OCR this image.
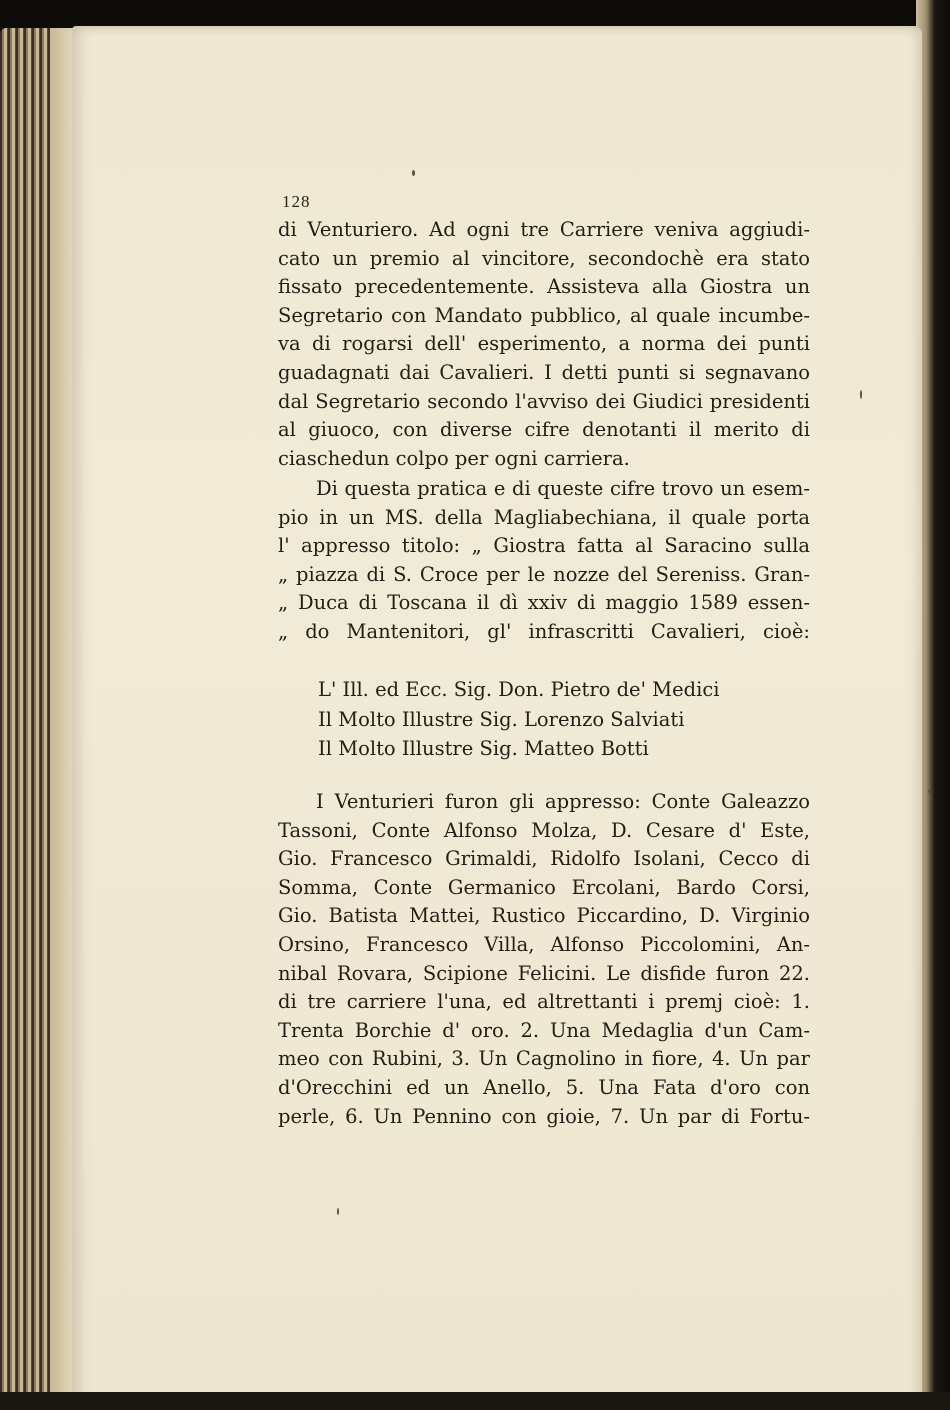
128
di Venturiero. Ad ogni tre Carriere veniva aggiudi-
cato un premio al vincitore, secondochè era stato
fissato precedentemente. Assisteva alla Giostra un
Segretario con Mandato pubblico, al quale incumbe-
va di rogarsi dell' esperimento, a norma dei punti
guadagnati dai Cavalieri. I detti punti si segnavano
dal Segretario secondo l'avviso dei Giudici presidenti
al giuoco, con diverse cifre denotanti il merito di
ciaschedun colpo per ogni carriera.
Di questa pratica e di queste cifre trovo un esem-
pio in un MS. della Magliabechiana, il quale porta
l' appresso titolo: „ Giostra fatta al Saracino sulla
„ piazza di S. Croce per le nozze del Sereniss. Gran-
„ Duca di Toscana il dì xxiv di maggio 1589 essen-
„ do Mantenitori, gl' infrascritti Cavalieri, cioè:
L' Ill. ed Ecc. Sig. Don. Pietro de' Medici
Il Molto Illustre Sig. Lorenzo Salviati
Il Molto Illustre Sig. Matteo Botti
I Venturieri furon gli appresso: Conte Galeazzo
Tassoni, Conte Alfonso Molza, D. Cesare d' Este,
Gio. Francesco Grimaldi, Ridolfo Isolani, Cecco di
Somma, Conte Germanico Ercolani, Bardo Corsi,
Gio. Batista Mattei, Rustico Piccardino, D. Virginio
Orsino, Francesco Villa, Alfonso Piccolomini, An-
nibal Rovara, Scipione Felicini. Le disfide furon 22.
di tre carriere l'una, ed altrettanti i premj cioè: 1.
Trenta Borchie d' oro. 2. Una Medaglia d'un Cam-
meo con Rubini, 3. Un Cagnolino in fiore, 4. Un par
d'Orecchini ed un Anello, 5. Una Fata d'oro con
perle, 6. Un Pennino con gioie, 7. Un par di Fortu-
